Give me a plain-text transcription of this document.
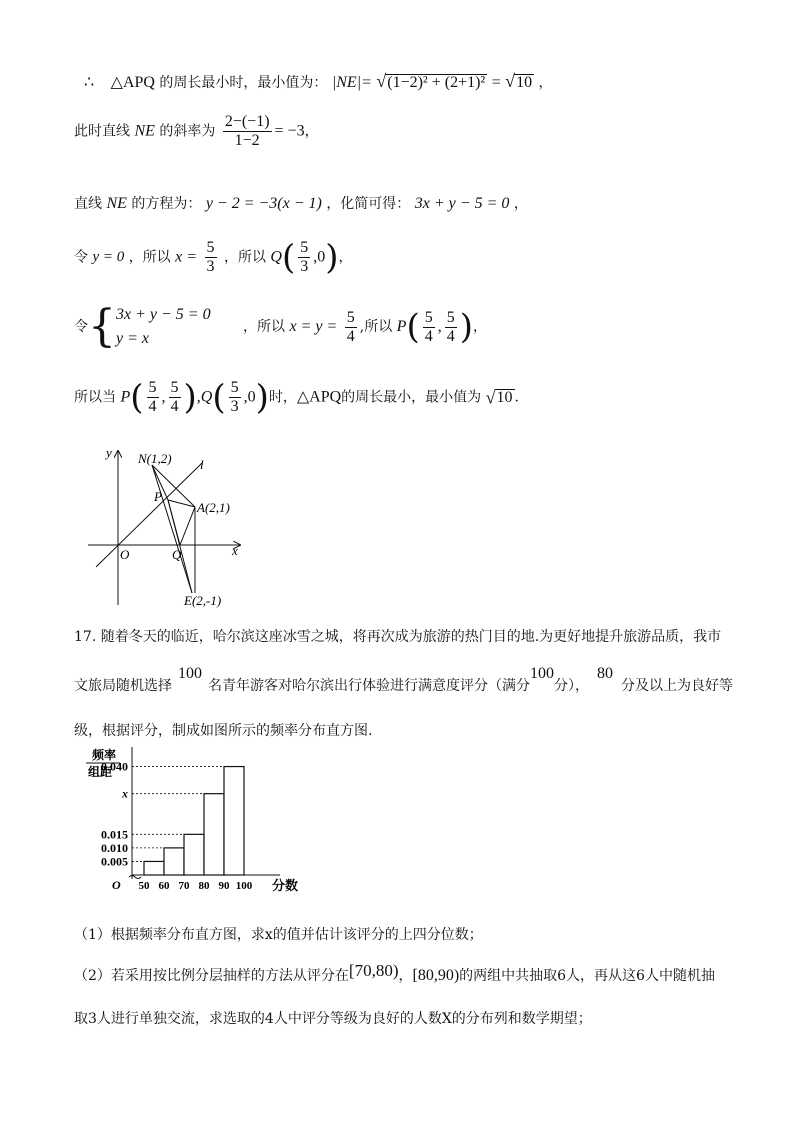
∴ △APQ 的周长最小时，最小值为： |NE|= √(1−2)² + (2+1)² = √10 ，
此时直线 NE 的斜率为 $\frac{2-(-1)}{1-2} = -3$，
直线 NE 的方程为： y − 2 = −3(x − 1) ，化简可得： 3x + y − 5 = 0 ，
令 y = 0 ，所以 $x = \frac{5}{3}$ ，所以 $Q( \frac{5}{3} ,0)$，
令{3x + y − 5 = 0
y = x ，所以 $x = y = \frac{5}{4}$ ,所以 $P( \frac{5}{4}$ , $\frac{5}{4}$ )，
所以当 $P( \frac{5}{4}$ , $\frac{5}{4} ),Q( \frac{5}{3} ,0)$时，△APQ的周长最小，最小值为 √10 .
y
x
O
N(1,2) l
P
A(2,1)
Q
E(2,-1)
17. 随着冬天的临近，哈尔滨这座冰雪之城，将再次成为旅游的热门目的地.为更好地提升旅游品质，我市
文旅局随机选择100名青年游客对哈尔滨出行体验进行满意度评分（满分100分），80分及以上为良好等
级，根据评分，制成如图所示的频率分布直方图.
频率
组距
O
0.040
x
0.015
0.010
0.005
50 60 70 80 90 100 分数
（1）根据频率分布直方图，求x的值并估计该评分的上四分位数；
（2）若采用按比例分层抽样的方法从评分在[70,80)，[80,90)的两组中共抽取6人，再从这6人中随机抽
取3人进行单独交流，求选取的4人中评分等级为良好的人数X的分布列和数学期望；
